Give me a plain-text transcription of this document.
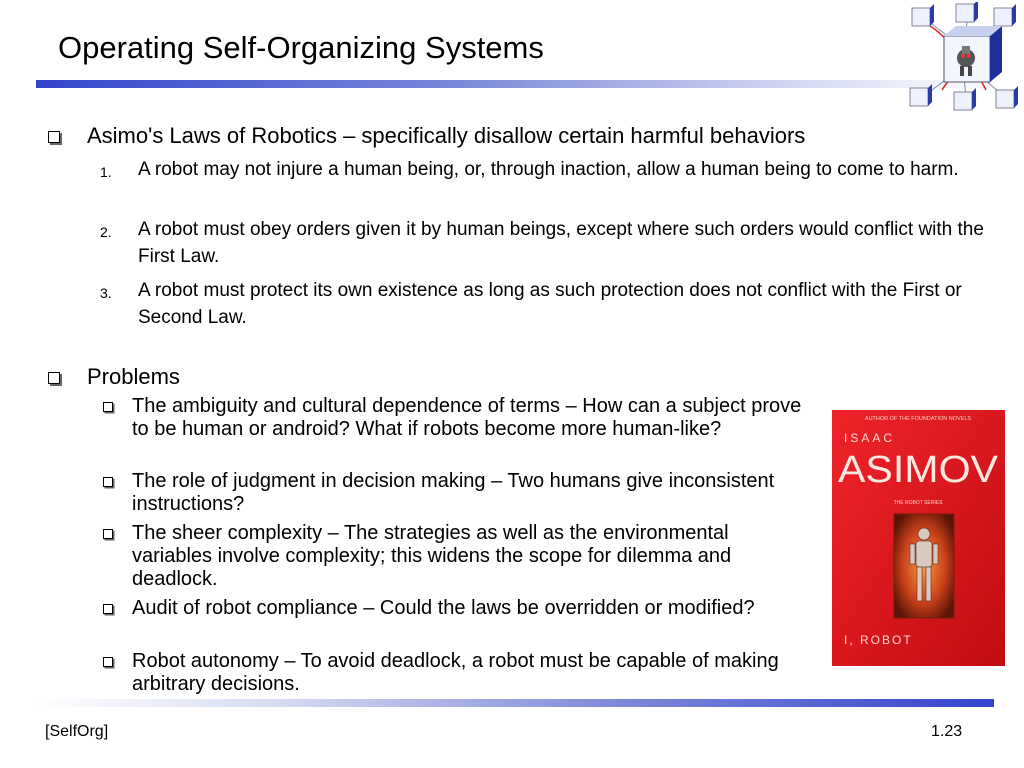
Operating Self-Organizing Systems
Asimo's Laws of Robotics – specifically disallow certain harmful behaviors
1. A robot may not injure a human being, or, through inaction, allow a human being to come to harm.
2. A robot must obey orders given it by human beings, except where such orders would conflict with the First Law.
3. A robot must protect its own existence as long as such protection does not conflict with the First or Second Law.
Problems
The ambiguity and cultural dependence of terms – How can a subject prove to be human or android? What if robots become more human-like?
The role of judgment in decision making – Two humans give inconsistent instructions?
The sheer complexity – The strategies as well as the environmental variables involve complexity; this widens the scope for dilemma and deadlock.
Audit of robot compliance – Could the laws be overridden or modified?
Robot autonomy – To avoid deadlock, a robot must be capable of making arbitrary decisions.
AUTHOR OF THE FOUNDATION NOVELS
ISAAC
ASIMOV
THE ROBOT SERIES
I, ROBOT
[SelfOrg]	1.23
